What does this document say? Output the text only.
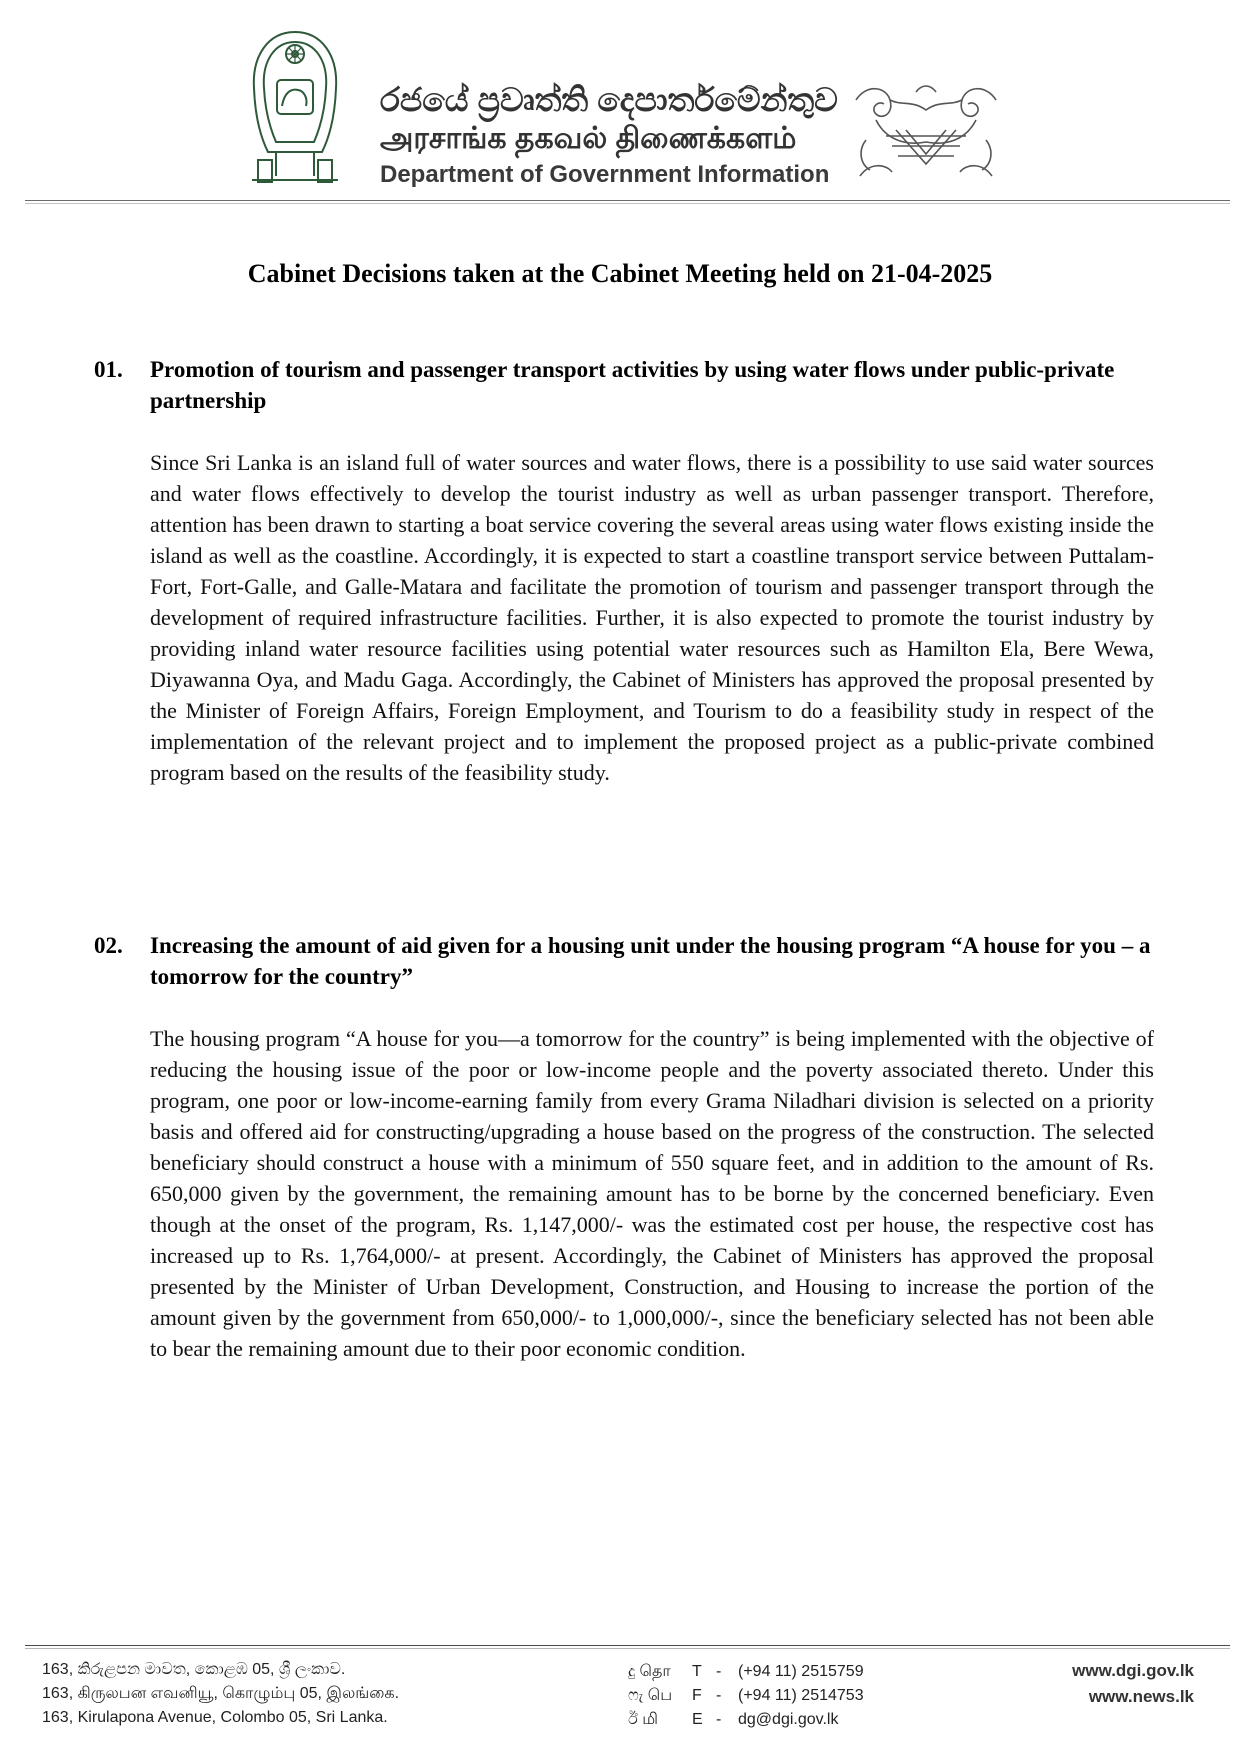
රජයේ ප්‍රවෘත්ති දෙපාර්තමේන්තුව
அரசாங்க தகவல் திணைக்களம்
Department of Government Information
Cabinet Decisions taken at the Cabinet Meeting held on 21-04-2025
01. Promotion of tourism and passenger transport activities by using water flows under public-private partnership
Since Sri Lanka is an island full of water sources and water flows, there is a possibility to use said water sources and water flows effectively to develop the tourist industry as well as urban passenger transport. Therefore, attention has been drawn to starting a boat service covering the several areas using water flows existing inside the island as well as the coastline. Accordingly, it is expected to start a coastline transport service between Puttalam-Fort, Fort-Galle, and Galle-Matara and facilitate the promotion of tourism and passenger transport through the development of required infrastructure facilities. Further, it is also expected to promote the tourist industry by providing inland water resource facilities using potential water resources such as Hamilton Ela, Bere Wewa, Diyawanna Oya, and Madu Gaga. Accordingly, the Cabinet of Ministers has approved the proposal presented by the Minister of Foreign Affairs, Foreign Employment, and Tourism to do a feasibility study in respect of the implementation of the relevant project and to implement the proposed project as a public-private combined program based on the results of the feasibility study.
02. Increasing the amount of aid given for a housing unit under the housing program “A house for you – a tomorrow for the country”
The housing program “A house for you—a tomorrow for the country” is being implemented with the objective of reducing the housing issue of the poor or low-income people and the poverty associated thereto. Under this program, one poor or low-income-earning family from every Grama Niladhari division is selected on a priority basis and offered aid for constructing/upgrading a house based on the progress of the construction. The selected beneficiary should construct a house with a minimum of 550 square feet, and in addition to the amount of Rs. 650,000 given by the government, the remaining amount has to be borne by the concerned beneficiary. Even though at the onset of the program, Rs. 1,147,000/- was the estimated cost per house, the respective cost has increased up to Rs. 1,764,000/- at present. Accordingly, the Cabinet of Ministers has approved the proposal presented by the Minister of Urban Development, Construction, and Housing to increase the portion of the amount given by the government from 650,000/- to 1,000,000/-, since the beneficiary selected has not been able to bear the remaining amount due to their poor economic condition.
163, කිරුළපන මාවත, කොළඹ 05, ශ්‍රී ලංකාව.
163, கிருலபன எவனியூ, கொழும்பு 05, இலங்கை.
163, Kirulapona Avenue, Colombo 05, Sri Lanka.
දු தொ	T -	(+94 11) 2515759
ෆැ பெ	F -	(+94 11) 2514753
ඊ மி	E -	dg@dgi.gov.lk
www.dgi.gov.lk
www.news.lk
